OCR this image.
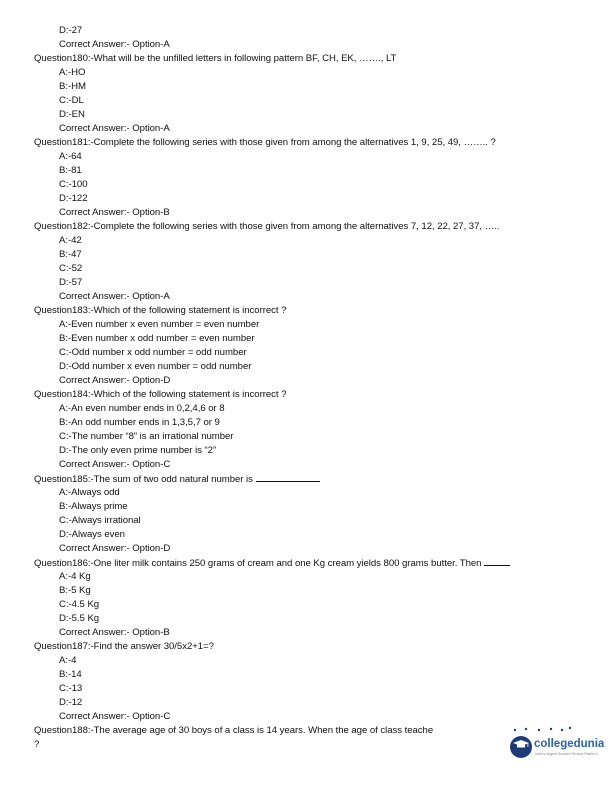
D:-27
Correct Answer:- Option-A
Question180:-What will be the unfilled letters in following pattern BF, CH, EK, ……., LT
A:-HO
B:-HM
C:-DL
D:-EN
Correct Answer:- Option-A
Question181:-Complete the following series with those given from among the alternatives 1, 9, 25, 49, …….. ?
A:-64
B:-81
C:-100
D:-122
Correct Answer:- Option-B
Question182:-Complete the following series with those given from among the alternatives 7, 12, 22, 27, 37, …..
A:-42
B:-47
C:-52
D:-57
Correct Answer:- Option-A
Question183:-Which of the following statement is incorrect ?
A:-Even number x even number = even number
B:-Even number x odd number = even number
C:-Odd number x odd number = odd number
D:-Odd number x even number = odd number
Correct Answer:- Option-D
Question184:-Which of the following statement is incorrect ?
A:-An even number ends in 0,2,4,6 or 8
B:-An odd number ends in 1,3,5,7 or 9
C:-The number “8” is an irrational number
D:-The only even prime number is “2”
Correct Answer:- Option-C
Question185:-The sum of two odd natural number is
A:-Always odd
B:-Always prime
C:-Always irrational
D:-Always even
Correct Answer:- Option-D
Question186:-One liter milk contains 250 grams of cream and one Kg cream yields 800 grams butter. Then
A:-4 Kg
B:-5 Kg
C:-4.5 Kg
D:-5.5 Kg
Correct Answer:- Option-B
Question187:-Find the answer 30/5x2+1=?
A:-4
B:-14
C:-13
D:-12
Correct Answer:- Option-C
Question188:-The average age of 30 boys of a class is 14 years. When the age of class teache
?	collegedunia
India's largest Student Review Platform
